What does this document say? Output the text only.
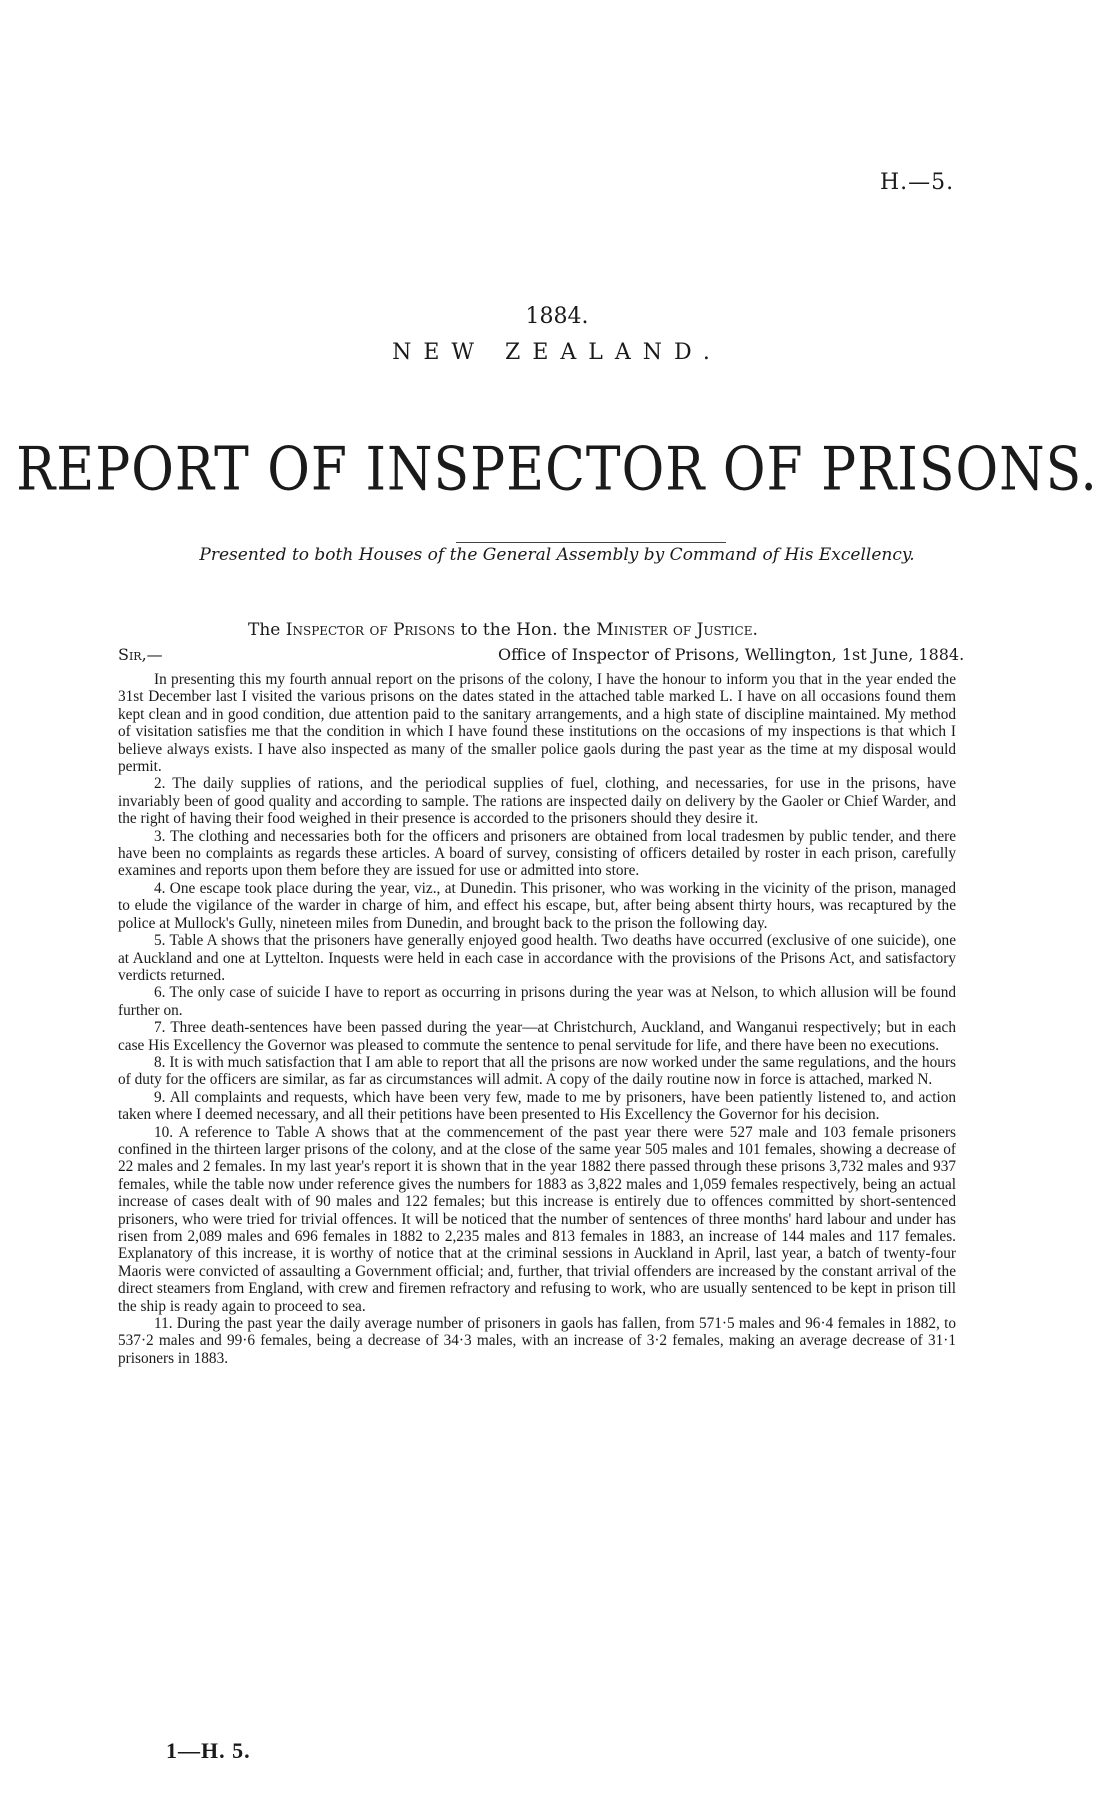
H.—5.
1884.
NEW ZEALAND.
REPORT OF INSPECTOR OF PRISONS.
Presented to both Houses of the General Assembly by Command of His Excellency.
The Inspector of Prisons to the Hon. the Minister of Justice.
Sir,—	Office of Inspector of Prisons, Wellington, 1st June, 1884.

In presenting this my fourth annual report on the prisons of the colony, I have the honour to inform you that in the year ended the 31st December last I visited the various prisons on the dates stated in the attached table marked L. I have on all occasions found them kept clean and in good condition, due attention paid to the sanitary arrangements, and a high state of discipline maintained. My method of visitation satisfies me that the condition in which I have found these institutions on the occasions of my inspections is that which I believe always exists. I have also inspected as many of the smaller police gaols during the past year as the time at my disposal would permit.

2. The daily supplies of rations, and the periodical supplies of fuel, clothing, and necessaries, for use in the prisons, have invariably been of good quality and according to sample. The rations are inspected daily on delivery by the Gaoler or Chief Warder, and the right of having their food weighed in their presence is accorded to the prisoners should they desire it.

3. The clothing and necessaries both for the officers and prisoners are obtained from local tradesmen by public tender, and there have been no complaints as regards these articles. A board of survey, consisting of officers detailed by roster in each prison, carefully examines and reports upon them before they are issued for use or admitted into store.

4. One escape took place during the year, viz., at Dunedin. This prisoner, who was working in the vicinity of the prison, managed to elude the vigilance of the warder in charge of him, and effect his escape, but, after being absent thirty hours, was recaptured by the police at Mullock's Gully, nineteen miles from Dunedin, and brought back to the prison the following day.

5. Table A shows that the prisoners have generally enjoyed good health. Two deaths have occurred (exclusive of one suicide), one at Auckland and one at Lyttelton. Inquests were held in each case in accordance with the provisions of the Prisons Act, and satisfactory verdicts returned.

6. The only case of suicide I have to report as occurring in prisons during the year was at Nelson, to which allusion will be found further on.

7. Three death-sentences have been passed during the year—at Christchurch, Auckland, and Wanganui respectively; but in each case His Excellency the Governor was pleased to commute the sentence to penal servitude for life, and there have been no executions.

8. It is with much satisfaction that I am able to report that all the prisons are now worked under the same regulations, and the hours of duty for the officers are similar, as far as circumstances will admit. A copy of the daily routine now in force is attached, marked N.

9. All complaints and requests, which have been very few, made to me by prisoners, have been patiently listened to, and action taken where I deemed necessary, and all their petitions have been presented to His Excellency the Governor for his decision.

10. A reference to Table A shows that at the commencement of the past year there were 527 male and 103 female prisoners confined in the thirteen larger prisons of the colony, and at the close of the same year 505 males and 101 females, showing a decrease of 22 males and 2 females. In my last year's report it is shown that in the year 1882 there passed through these prisons 3,732 males and 937 females, while the table now under reference gives the numbers for 1883 as 3,822 males and 1,059 females respectively, being an actual increase of cases dealt with of 90 males and 122 females; but this increase is entirely due to offences committed by short-sentenced prisoners, who were tried for trivial offences. It will be noticed that the number of sentences of three months' hard labour and under has risen from 2,089 males and 696 females in 1882 to 2,235 males and 813 females in 1883, an increase of 144 males and 117 females. Explanatory of this increase, it is worthy of notice that at the criminal sessions in Auckland in April, last year, a batch of twenty-four Maoris were convicted of assaulting a Government official; and, further, that trivial offenders are increased by the constant arrival of the direct steamers from England, with crew and firemen refractory and refusing to work, who are usually sentenced to be kept in prison till the ship is ready again to proceed to sea.

11. During the past year the daily average number of prisoners in gaols has fallen, from 571·5 males and 96·4 females in 1882, to 537·2 males and 99·6 females, being a decrease of 34·3 males, with an increase of 3·2 females, making an average decrease of 31·1 prisoners in 1883.

1—H. 5.
